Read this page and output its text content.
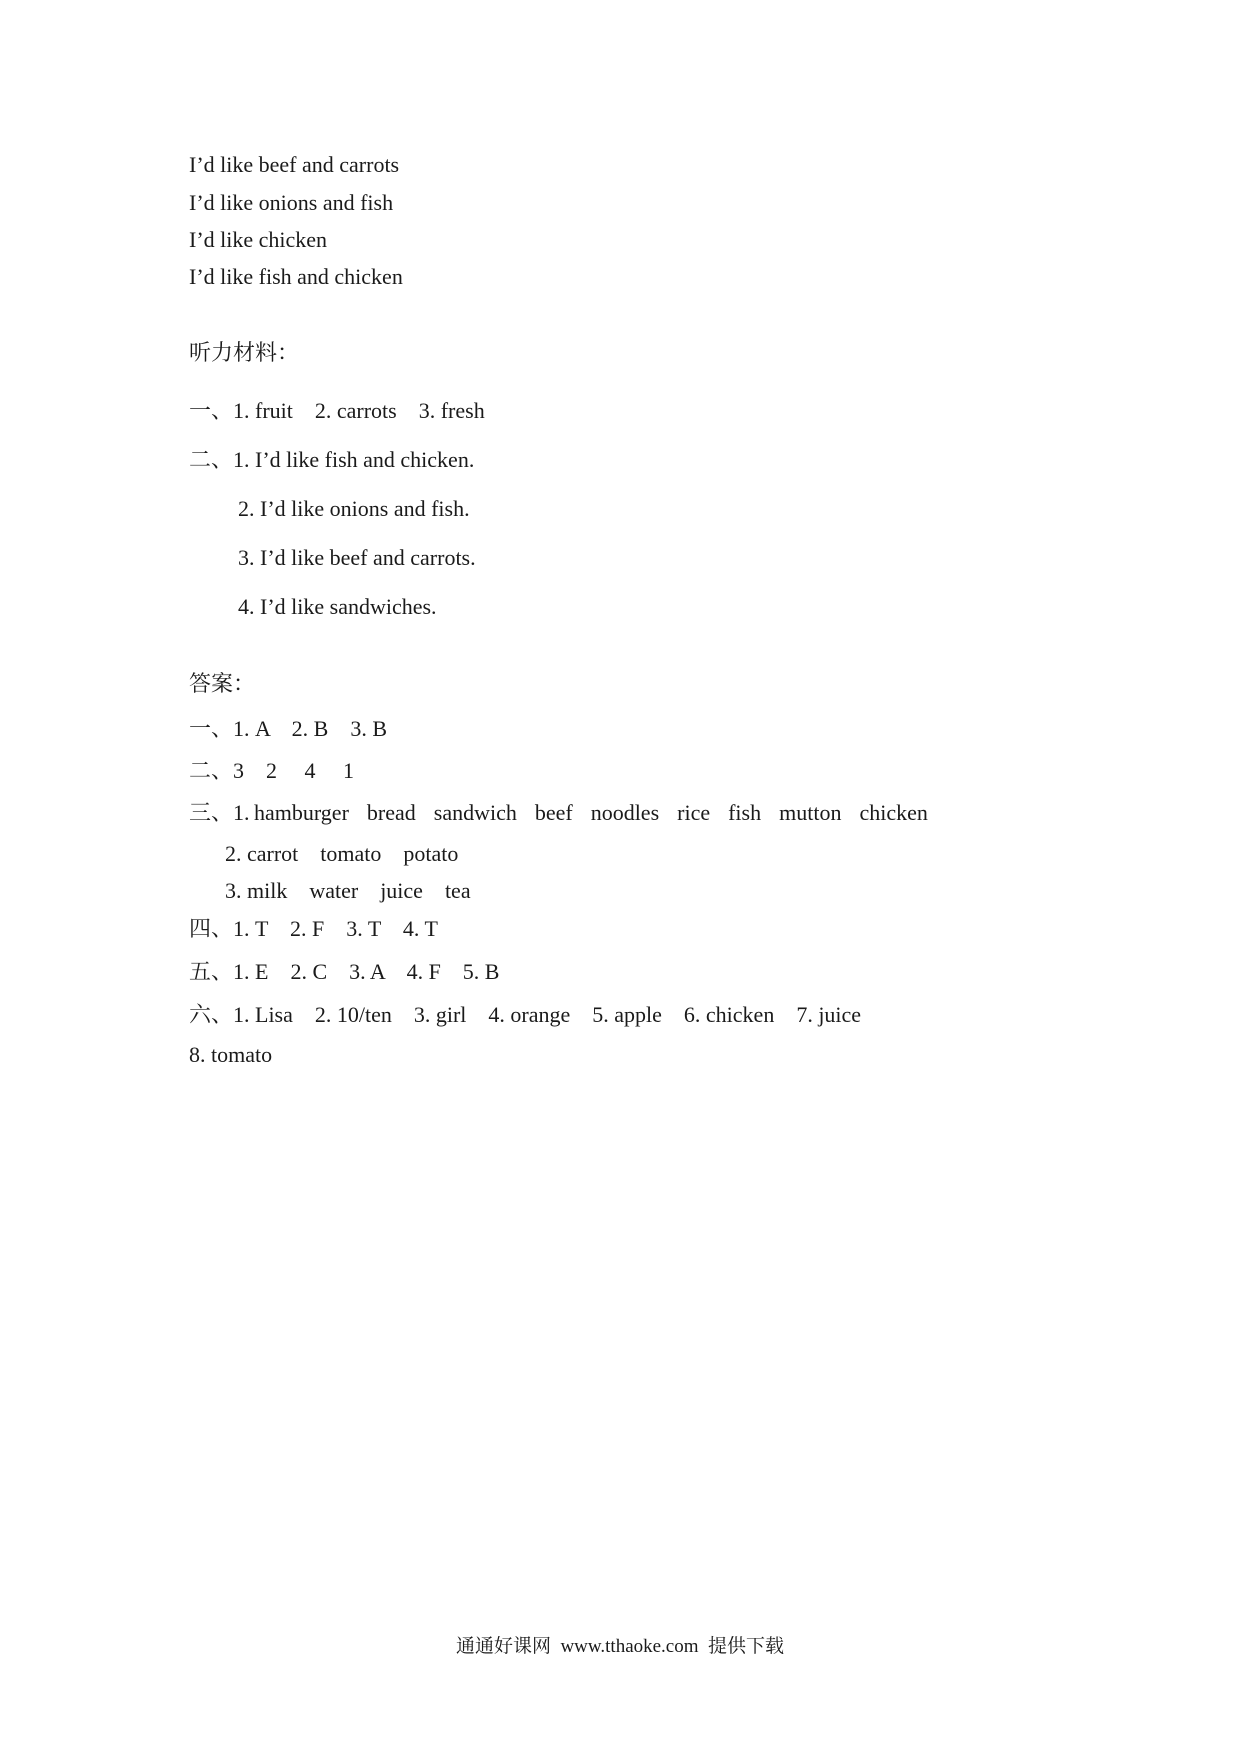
I’d like beef and carrots
I’d like onions and fish
I’d like chicken
I’d like fish and chicken
听力材料：
一、1. fruit    2. carrots    3. fresh
二、1. I’d like fish and chicken.
2. I’d like onions and fish.
3. I’d like beef and carrots.
4. I’d like sandwiches.
答案：
一、1. A    2. B    3. B
二、3    2     4     1
三、1. hamburger    bread    sandwich    beef    noodles    rice    fish    mutton    chicken
2. carrot    tomato    potato
3. milk    water    juice    tea
四、1. T    2. F    3. T    4. T
五、1. E    2. C    3. A    4. F    5. B
六、1. Lisa    2. 10/ten    3. girl    4. orange    5. apple    6. chicken    7. juice
8. tomato
通通好课网  www.tthaoke.com  提供下载
